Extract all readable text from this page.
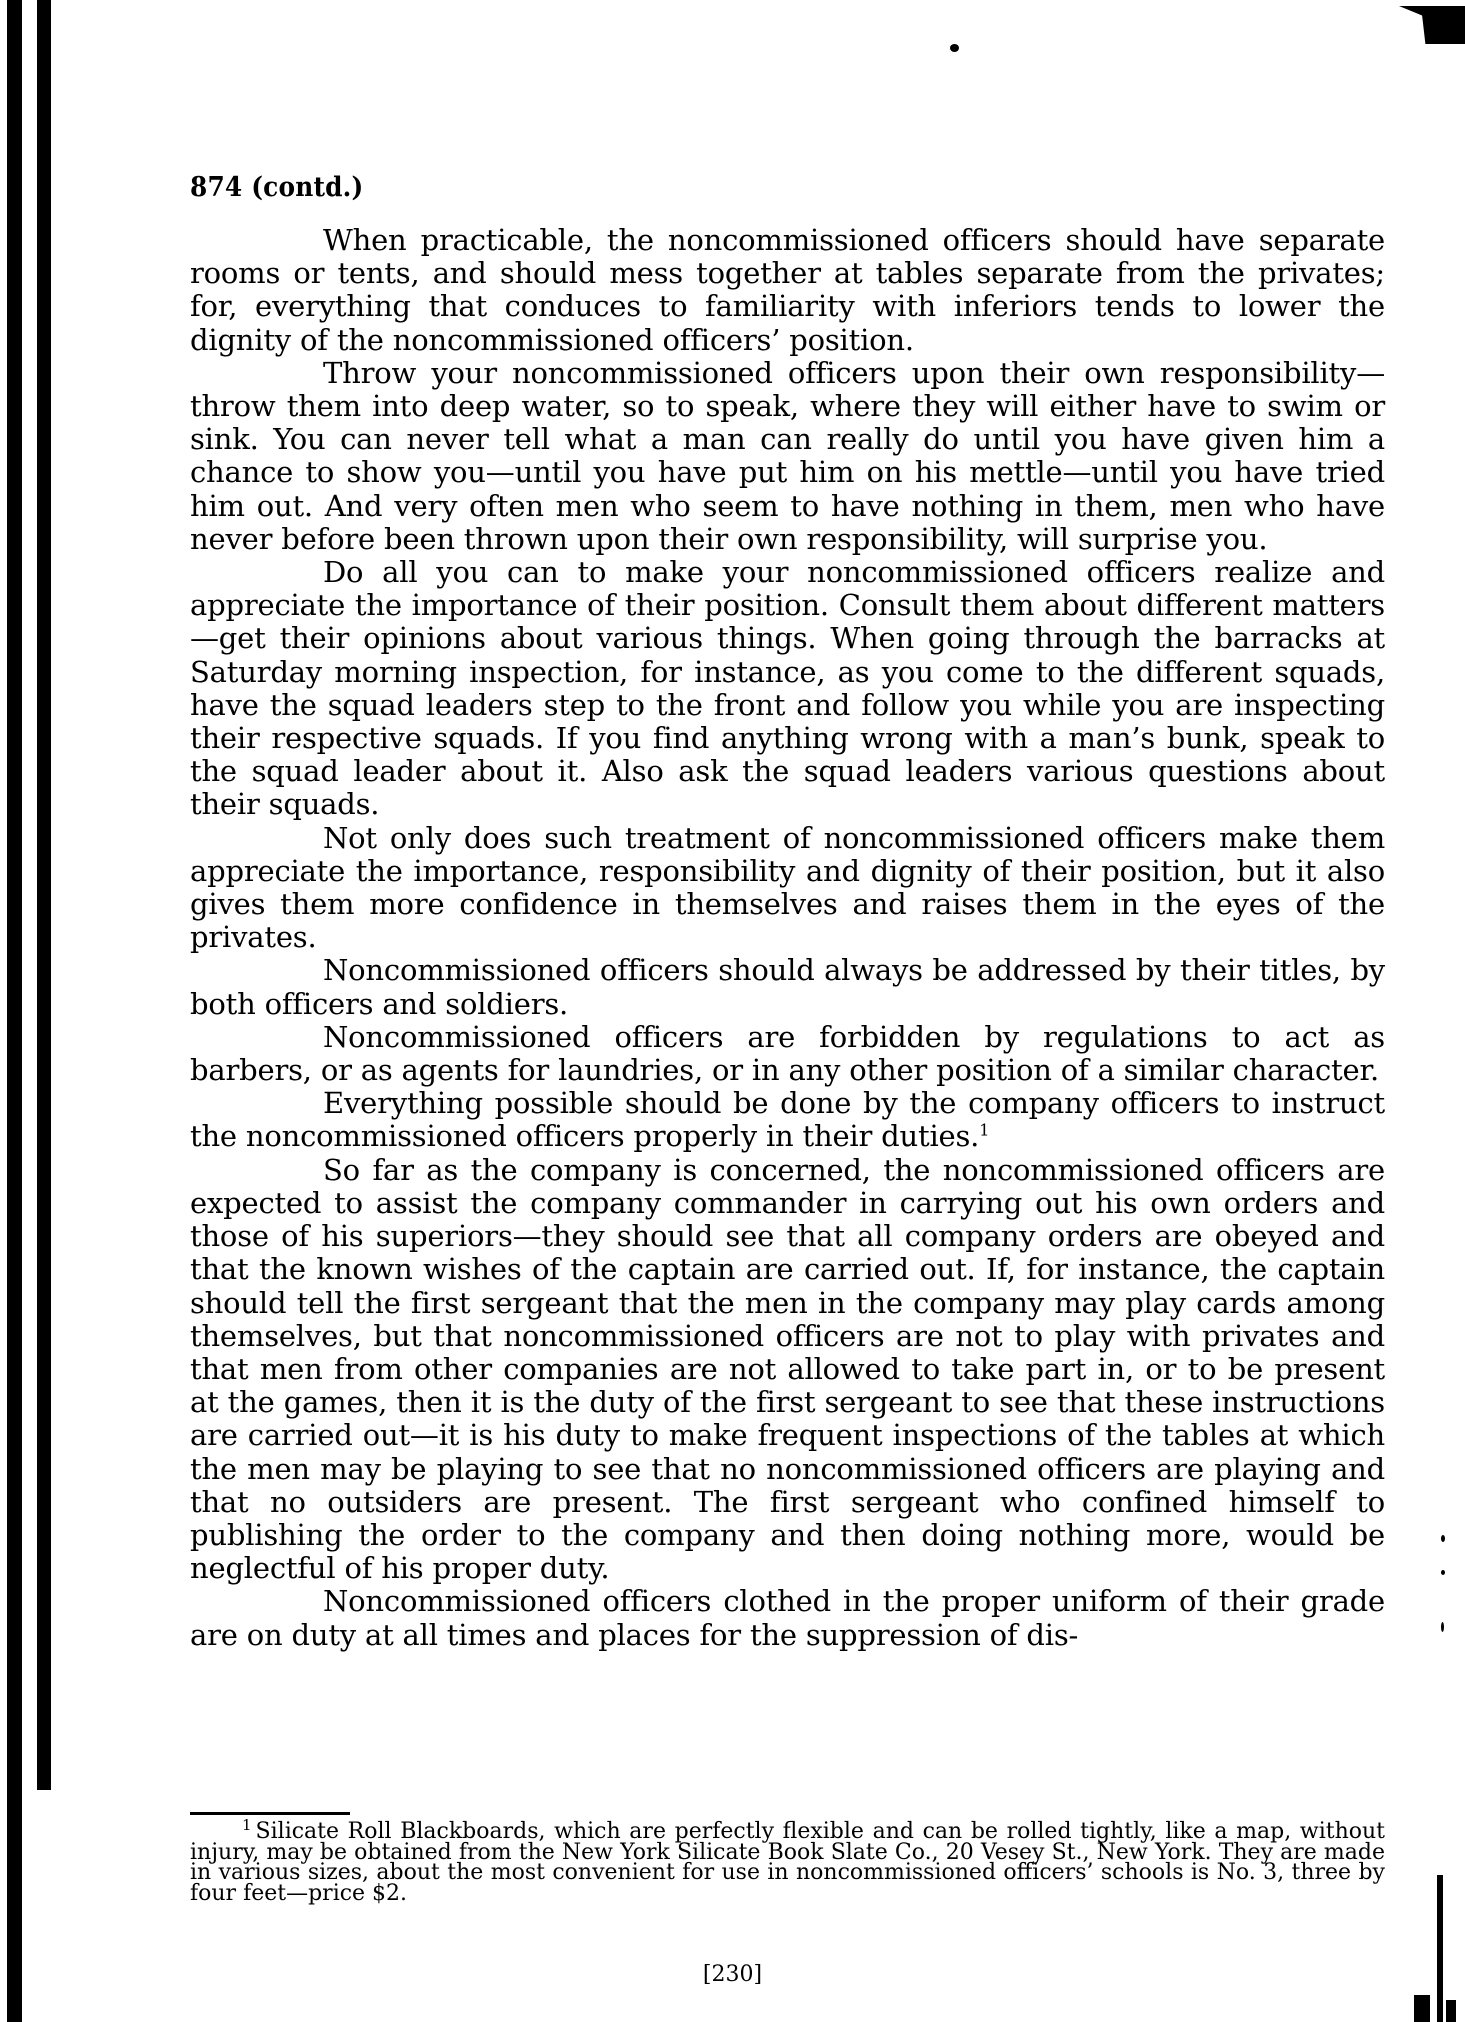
874 (contd.)

When practicable, the noncommissioned officers should have separate rooms or tents, and should mess together at tables separate from the privates; for, everything that conduces to familiarity with inferiors tends to lower the dignity of the noncommissioned officers’ position.

Throw your noncommissioned officers upon their own responsibility—throw them into deep water, so to speak, where they will either have to swim or sink. You can never tell what a man can really do until you have given him a chance to show you—until you have put him on his mettle—until you have tried him out. And very often men who seem to have nothing in them, men who have never before been thrown upon their own responsibility, will surprise you.

Do all you can to make your noncommissioned officers realize and appreciate the importance of their position. Consult them about different matters—get their opinions about various things. When going through the barracks at Saturday morning inspection, for instance, as you come to the different squads, have the squad leaders step to the front and follow you while you are inspecting their respective squads. If you find anything wrong with a man’s bunk, speak to the squad leader about it. Also ask the squad leaders various questions about their squads.

Not only does such treatment of noncommissioned officers make them appreciate the importance, responsibility and dignity of their position, but it also gives them more confidence in themselves and raises them in the eyes of the privates.

Noncommissioned officers should always be addressed by their titles, by both officers and soldiers.

Noncommissioned officers are forbidden by regulations to act as barbers, or as agents for laundries, or in any other position of a similar character.

Everything possible should be done by the company officers to instruct the noncommissioned officers properly in their duties.$^1$

So far as the company is concerned, the noncommissioned officers are expected to assist the company commander in carrying out his own orders and those of his superiors—they should see that all company orders are obeyed and that the known wishes of the captain are carried out. If, for instance, the captain should tell the first sergeant that the men in the company may play cards among themselves, but that noncommissioned officers are not to play with privates and that men from other companies are not allowed to take part in, or to be present at the games, then it is the duty of the first sergeant to see that these instructions are carried out—it is his duty to make frequent inspections of the tables at which the men may be playing to see that no noncommissioned officers are playing and that no outsiders are present. The first sergeant who confined himself to publishing the order to the company and then doing nothing more, would be neglectful of his proper duty.

Noncommissioned officers clothed in the proper uniform of their grade are on duty at all times and places for the suppression of dis-

$^1$ Silicate Roll Blackboards, which are perfectly flexible and can be rolled tightly, like a map, without injury, may be obtained from the New York Silicate Book Slate Co., 20 Vesey St., New York. They are made in various sizes, about the most convenient for use in noncommissioned officers’ schools is No. 3, three by four feet—price $2.

[230]
